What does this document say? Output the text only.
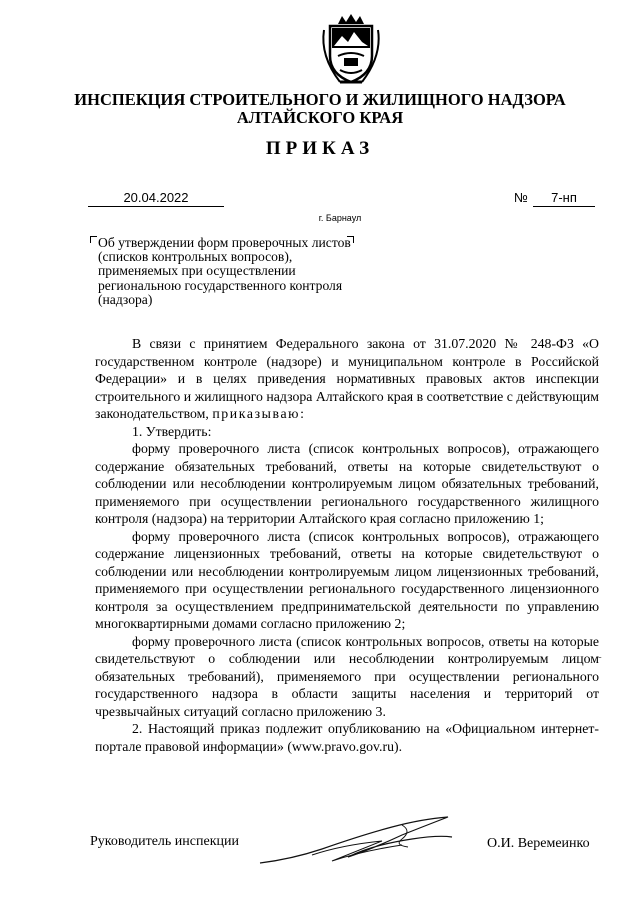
ИНСПЕКЦИЯ СТРОИТЕЛЬНОГО И ЖИЛИЩНОГО НАДЗОРА
АЛТАЙСКОГО КРАЯ
ПРИКАЗ
20.04.2022	№	7-нп
г. Барнаул
Об утверждении форм проверочных листов (списков контрольных вопросов), применяемых при осуществлении региональною государственного контроля (надзора)

В связи с принятием Федерального закона от 31.07.2020 № 248-ФЗ «О государственном контроле (надзоре) и муниципальном контроле в Российской Федерации» и в целях приведения нормативных правовых актов инспекции строительного и жилищного надзора Алтайского края в соответствие с действующим законодательством, приказываю:

1. Утвердить:

форму проверочного листа (список контрольных вопросов), отражающего содержание обязательных требований, ответы на которые свидетельствуют о соблюдении или несоблюдении контролируемым лицом обязательных требований, применяемого при осуществлении регионального государственного жилищного контроля (надзора) на территории Алтайского края согласно приложению 1;

форму проверочного листа (список контрольных вопросов), отражающего содержание лицензионных требований, ответы на которые свидетельствуют о соблюдении или несоблюдении контролируемым лицом лицензионных требований, применяемого при осуществлении регионального государственного лицензионного контроля за осуществлением предпринимательской деятельности по управлению многоквартирными домами согласно приложению 2;

форму проверочного листа (список контрольных вопросов, ответы на которые свидетельствуют о соблюдении или несоблюдении контролируемым лицом обязательных требований), применяемого при осуществлении регионального государственного надзора в области защиты населения и территорий от чрезвычайных ситуаций согласно приложению 3.

2. Настоящий приказ подлежит опубликованию на «Официальном интернет-портале правовой информации» (www.pravo.gov.ru).

-
Руководитель инспекции	О.И. Веремеинко
